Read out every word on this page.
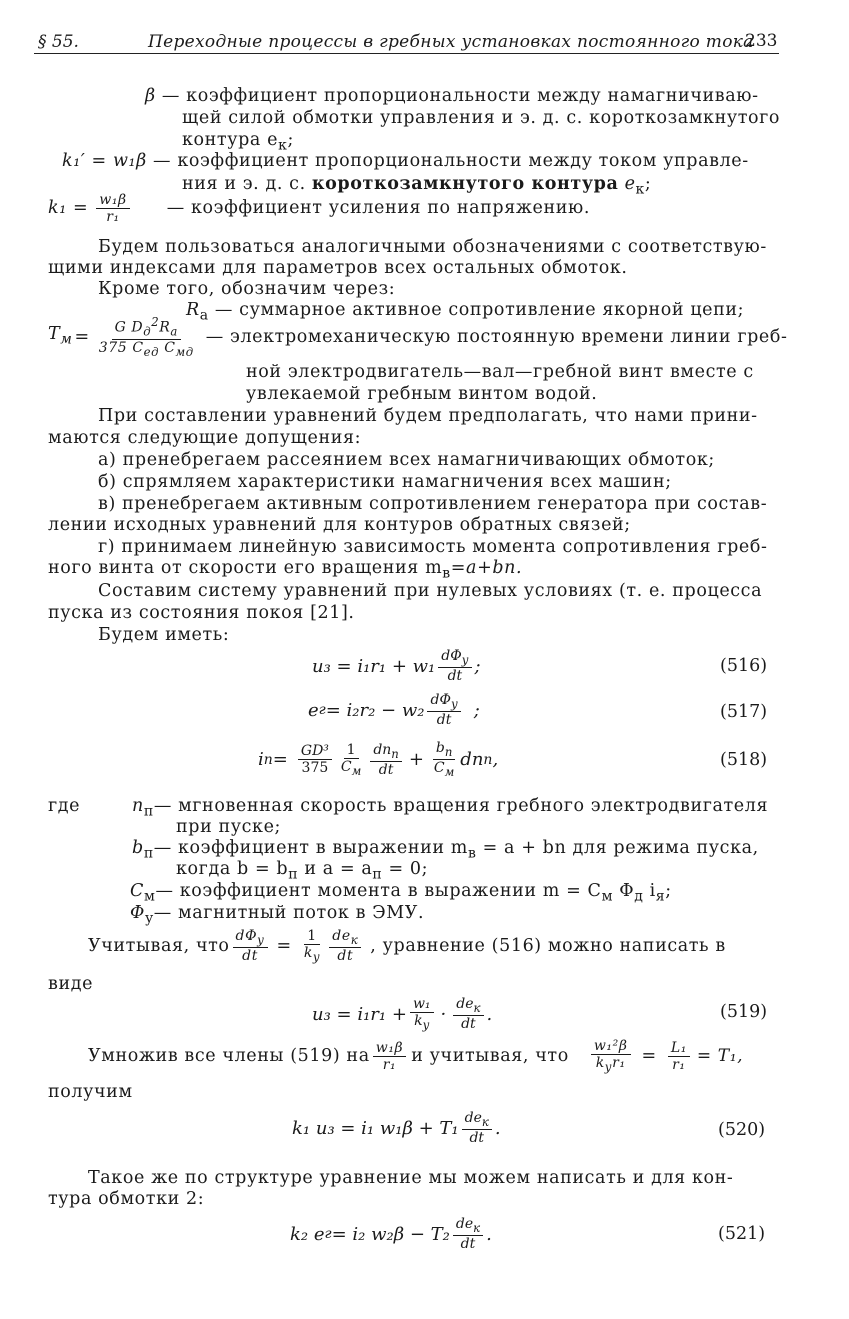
§ 55.	Переходные процессы в гребных установках постоянного тока
233
β — коэффициент пропорциональности между намагничиваю-
щей силой обмотки управления и э. д. с. короткозамкнутого
контура $e_к$;
k₁′ = w₁β — коэффициент пропорциональности между током управле-
ния и э. д. с. короткозамкнутого контура $e_к$;
$k_1 = \frac{\text{w₁β}}{\text{r₁}}$ — коэффициент усиления по напряжению.
Будем пользоваться аналогичными обозначениями с соответствую-
щими индексами для параметров всех остальных обмоток.
Кроме того, обозначим через:
$R_a$ — суммарное активное сопротивление якорной цепи;
$T_м = \frac{G D_д^2R_a}{375 C_{ед} C_{мд}}$ — электромеханическую постоянную времени линии греб-
ной электродвигатель—вал—гребной винт вместе с
увлекаемой гребным винтом водой.
При составлении уравнений будем предполагать, что нами прини-
маются следующие допущения:
а) пренебрегаем рассеянием всех намагничивающих обмоток;
б) спрямляем характеристики намагничения всех машин;
в) пренебрегаем активным сопротивлением генератора при состав-
лении исходных уравнений для контуров обратных связей;
г) принимаем линейную зависимость момента сопротивления греб-
ного винта от скорости его вращения $m_в=a+bn$.
Составим систему уравнений при нулевых условиях (т. е. процесса
пуска из состояния покоя [21].
Будем иметь:
$u_3 = i_1r_1 + w_1 \frac{d\Phi_у}{dt}$ ;	(516)
e $г = i_2r_2 - w_2 \frac{d\Phi_у}{dt}$ ;	(517)
i $п = \frac{\text{GD³}}{375} \frac{1}{C_м} \frac{dn_п}{dt} + \frac{b_п}{C_м}$ dn п ,	(518)
где	$n_п—$ мгновенная скорость вращения гребного электродвигателя
при пуске;
$b_п—$ коэффициент в выражении $m_в = a$ + bn для режима пуска,
когда $b = b_п$ и $a = a_п = 0$;
$C_м—$ коэффициент момента в выражении $m = C_м$ $\Phi_д$ $i_я$;
$\Phi_у—$ магнитный поток в ЭМУ.
Учитывая, что $\frac{d\Phi_у}{dt} = \frac{1}{k_у} \frac{de_к}{dt}$ , уравнение (516) можно написать в
виде
$u_3 = i_1r_1 + \frac{\text{w₁}}{k_у} \cdot \frac{de_к}{dt}$ .	(519)
Умножив все члены (519) на $\frac{\text{w₁β}}{\text{r₁}}$ и учитывая, что $\frac{\text{w₁²β}}{k_уr_1} = \frac{\text{L₁}}{\text{r₁}} = T_1$,
получим
k₁ u₃ = i₁ $w_1\beta + T_1 \frac{de_к}{dt}$ .	(520)
Такое же по структуре уравнение мы можем написать и для кон-
тура обмотки 2:
k₂ e г = i₂ $w_2\beta - T_2 \frac{de_к}{dt}$ .	(521)
